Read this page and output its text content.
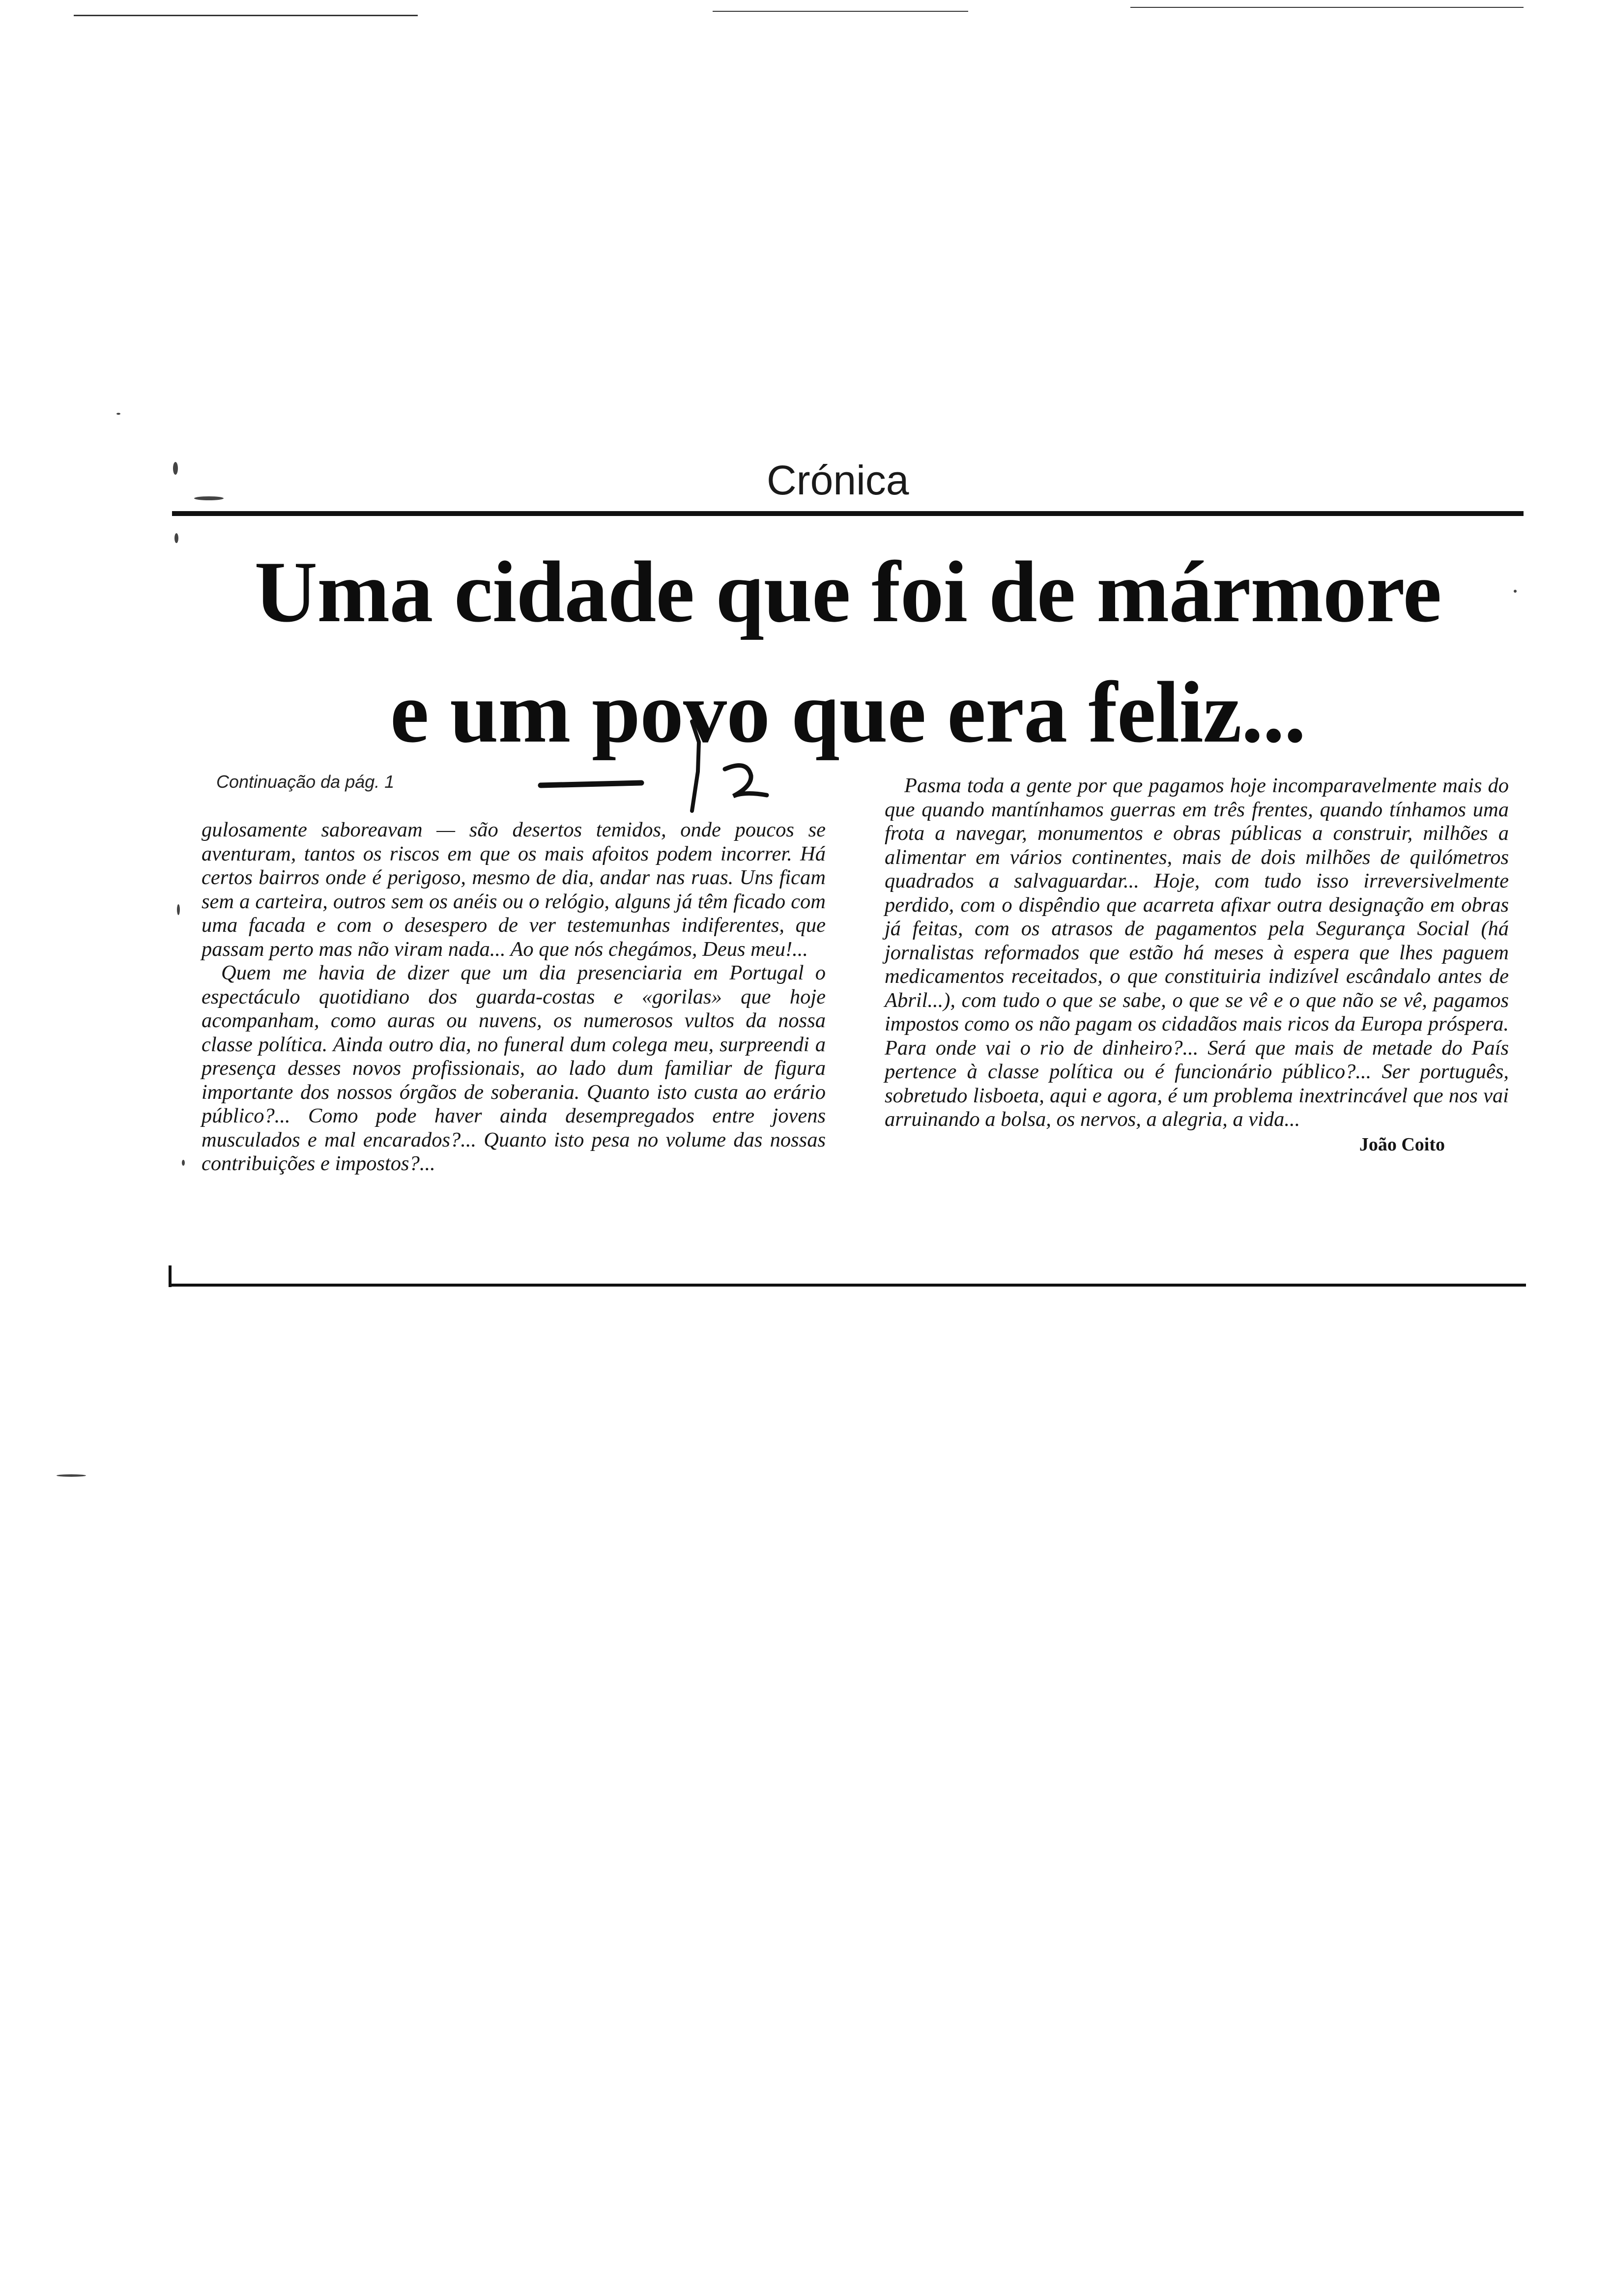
Crónica
Uma cidade que foi de mármore
e um povo que era feliz...
Continuação da pág. 1

gulosamente saboreavam — são desertos temidos, onde poucos se aventuram, tantos os riscos em que os mais afoitos podem incorrer. Há certos bairros onde é perigoso, mesmo de dia, andar nas ruas. Uns ficam sem a carteira, outros sem os anéis ou o relógio, alguns já têm ficado com uma facada e com o desespero de ver testemunhas indiferentes, que passam perto mas não viram nada... Ao que nós chegámos, Deus meu!...

Quem me havia de dizer que um dia presenciaria em Portugal o espectáculo quotidiano dos guarda-costas e «gorilas» que hoje acompanham, como auras ou nuvens, os numerosos vultos da nossa classe política. Ainda outro dia, no funeral dum colega meu, surpreendi a presença desses novos profissionais, ao lado dum familiar de figura importante dos nossos órgãos de soberania. Quanto isto custa ao erário público?... Como pode haver ainda desempregados entre jovens musculados e mal encarados?... Quanto isto pesa no volume das nossas contribuições e impostos?...

Pasma toda a gente por que pagamos hoje incomparavelmente mais do que quando mantínhamos guerras em três frentes, quando tínhamos uma frota a navegar, monumentos e obras públicas a construir, milhões a alimentar em vários continentes, mais de dois milhões de quilómetros quadrados a salvaguardar... Hoje, com tudo isso irreversivelmente perdido, com o dispêndio que acarreta afixar outra designação em obras já feitas, com os atrasos de pagamentos pela Segurança Social (há jornalistas reformados que estão há meses à espera que lhes paguem medicamentos receitados, o que constituiria indizível escândalo antes de Abril...), com tudo o que se sabe, o que se vê e o que não se vê, pagamos impostos como os não pagam os cidadãos mais ricos da Europa próspera. Para onde vai o rio de dinheiro?... Será que mais de metade do País pertence à classe política ou é funcionário público?... Ser português, sobretudo lisboeta, aqui e agora, é um problema inextrincável que nos vai arruinando a bolsa, os nervos, a alegria, a vida...

João Coito
